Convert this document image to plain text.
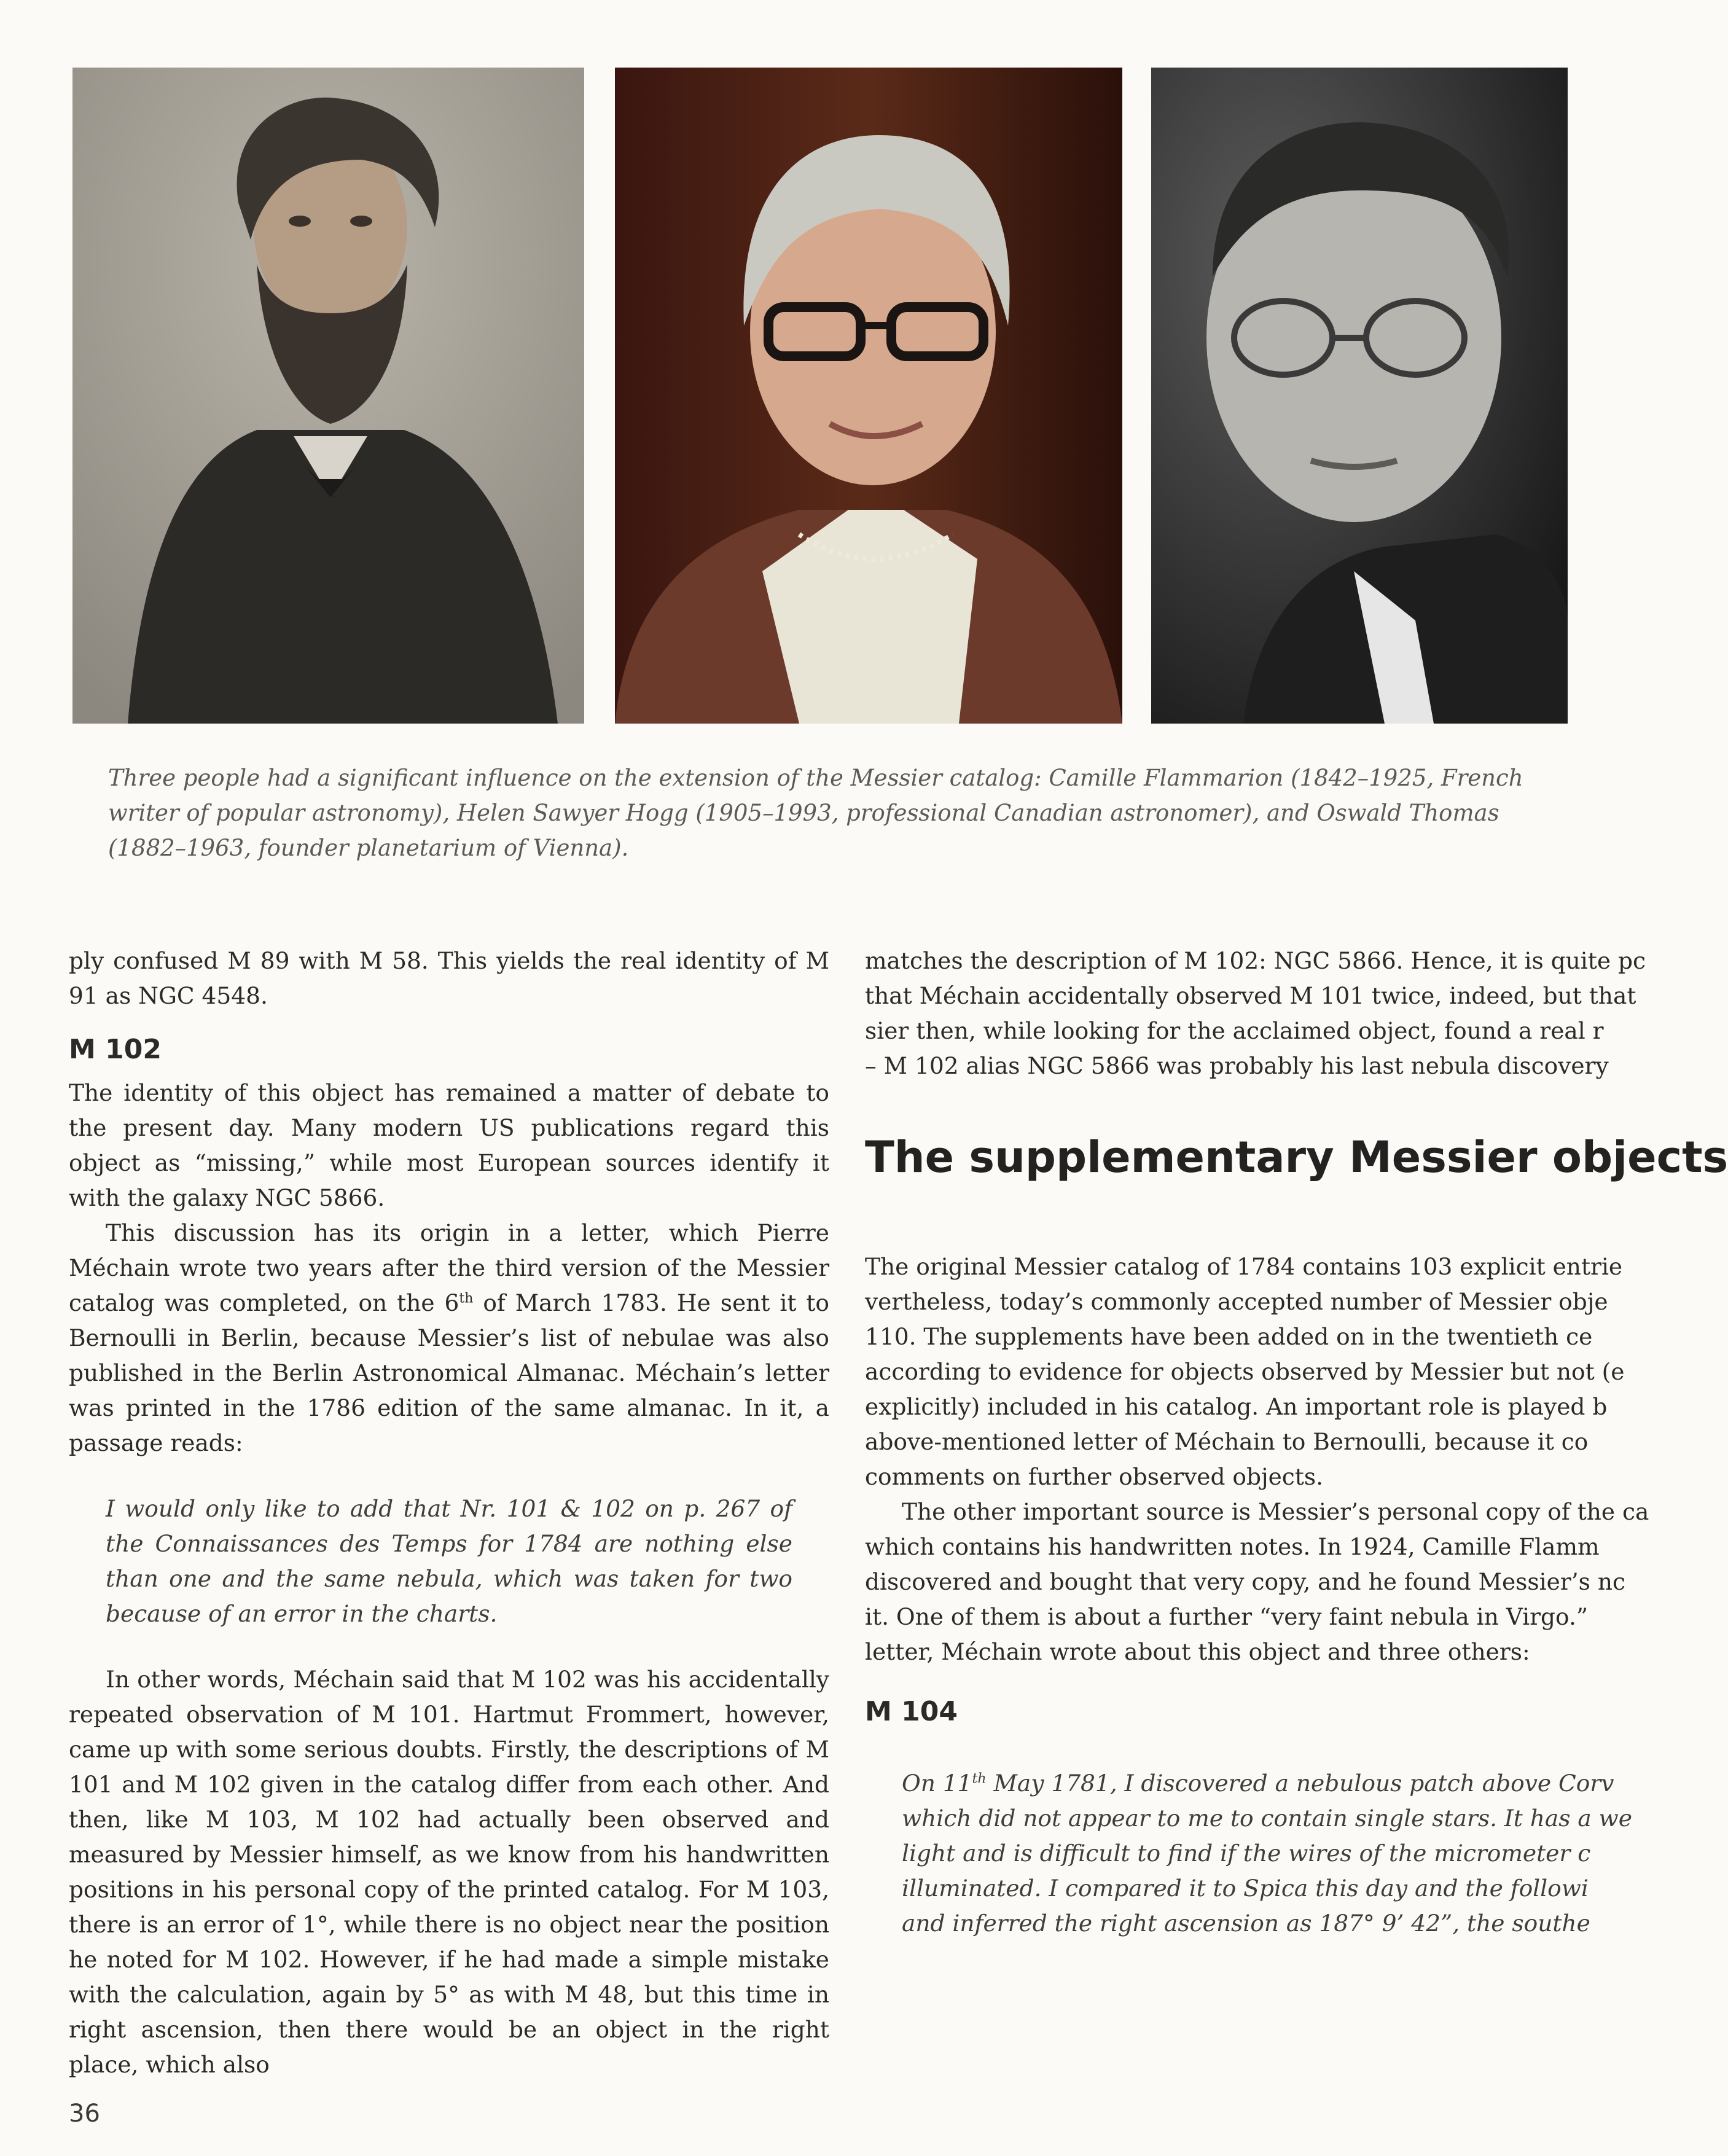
Three people had a significant influence on the extension of the Messier catalog: Camille Flammarion (1842–1925, French writer of popular astronomy), Helen Sawyer Hogg (1905–1993, professional Canadian astronomer), and Oswald Thomas (1882–1963, founder planetarium of Vienna).

ply confused M 89 with M 58. This yields the real identity of M 91 as NGC 4548.

M 102

The identity of this object has remained a matter of debate to the present day. Many modern US publications regard this object as “missing,” while most European sources identify it with the galaxy NGC 5866.

This discussion has its origin in a letter, which Pierre Méchain wrote two years after the third version of the Messier catalog was completed, on the 6th of March 1783. He sent it to Bernoulli in Berlin, because Messier’s list of nebulae was also published in the Berlin Astronomical Almanac. Méchain’s letter was printed in the 1786 edition of the same almanac. In it, a passage reads:

I would only like to add that Nr. 101 & 102 on p. 267 of the Connaissances des Temps for 1784 are nothing else than one and the same nebula, which was taken for two because of an error in the charts.

In other words, Méchain said that M 102 was his accidentally repeated observation of M 101. Hartmut Frommert, however, came up with some serious doubts. Firstly, the descriptions of M 101 and M 102 given in the catalog differ from each other. And then, like M 103, M 102 had actually been observed and measured by Messier himself, as we know from his handwritten positions in his personal copy of the printed catalog. For M 103, there is an error of 1°, while there is no object near the position he noted for M 102. However, if he had made a simple mistake with the calculation, again by 5° as with M 48, but this time in right ascension, then there would be an object in the right place, which also

matches the description of M 102: NGC 5866. Hence, it is quite pc
that Méchain accidentally observed M 101 twice, indeed, but that
sier then, while looking for the acclaimed object, found a real r
– M 102 alias NGC 5866 was probably his last nebula discovery

The supplementary Messier objects

The original Messier catalog of 1784 contains 103 explicit entrie
vertheless, today’s commonly accepted number of Messier obje
110. The supplements have been added on in the twentieth ce
according to evidence for objects observed by Messier but not (e
explicitly) included in his catalog. An important role is played b
above-mentioned letter of Méchain to Bernoulli, because it co
comments on further observed objects.

The other important source is Messier’s personal copy of the ca
which contains his handwritten notes. In 1924, Camille Flamm
discovered and bought that very copy, and he found Messier’s nc
it. One of them is about a further “very faint nebula in Virgo.”
letter, Méchain wrote about this object and three others:

M 104

On 11th May 1781, I discovered a nebulous patch above Corv
which did not appear to me to contain single stars. It has a we
light and is difficult to find if the wires of the micrometer c
illuminated. I compared it to Spica this day and the followi
and inferred the right ascension as 187° 9’ 42”, the southe

36
